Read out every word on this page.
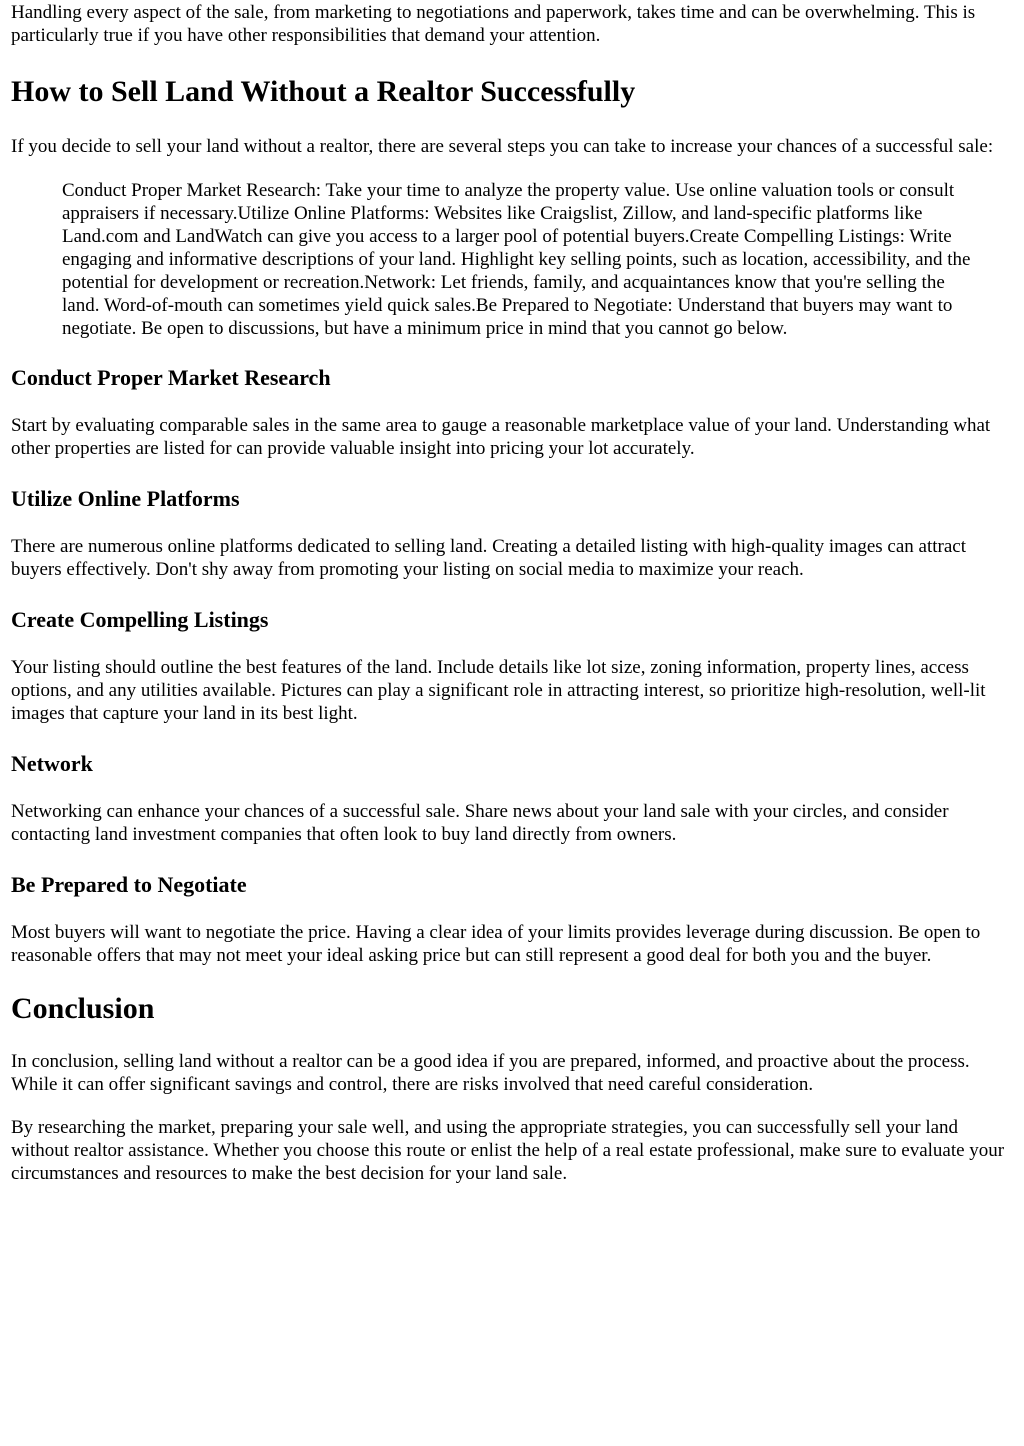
Handling every aspect of the sale, from marketing to negotiations and paperwork, takes time and can be overwhelming. This is particularly true if you have other responsibilities that demand your attention.

How to Sell Land Without a Realtor Successfully

If you decide to sell your land without a realtor, there are several steps you can take to increase your chances of a successful sale:

Conduct Proper Market Research: Take your time to analyze the property value. Use online valuation tools or consult appraisers if necessary.Utilize Online Platforms: Websites like Craigslist, Zillow, and land-specific platforms like Land.com and LandWatch can give you access to a larger pool of potential buyers.Create Compelling Listings: Write engaging and informative descriptions of your land. Highlight key selling points, such as location, accessibility, and the potential for development or recreation.Network: Let friends, family, and acquaintances know that you're selling the land. Word-of-mouth can sometimes yield quick sales.Be Prepared to Negotiate: Understand that buyers may want to negotiate. Be open to discussions, but have a minimum price in mind that you cannot go below.
Conduct Proper Market Research

Start by evaluating comparable sales in the same area to gauge a reasonable marketplace value of your land. Understanding what other properties are listed for can provide valuable insight into pricing your lot accurately.

Utilize Online Platforms

There are numerous online platforms dedicated to selling land. Creating a detailed listing with high-quality images can attract buyers effectively. Don't shy away from promoting your listing on social media to maximize your reach.

Create Compelling Listings

Your listing should outline the best features of the land. Include details like lot size, zoning information, property lines, access options, and any utilities available. Pictures can play a significant role in attracting interest, so prioritize high-resolution, well-lit images that capture your land in its best light.

Network

Networking can enhance your chances of a successful sale. Share news about your land sale with your circles, and consider contacting land investment companies that often look to buy land directly from owners.

Be Prepared to Negotiate

Most buyers will want to negotiate the price. Having a clear idea of your limits provides leverage during discussion. Be open to reasonable offers that may not meet your ideal asking price but can still represent a good deal for both you and the buyer.

Conclusion

In conclusion, selling land without a realtor can be a good idea if you are prepared, informed, and proactive about the process. While it can offer significant savings and control, there are risks involved that need careful consideration.

By researching the market, preparing your sale well, and using the appropriate strategies, you can successfully sell your land without realtor assistance. Whether you choose this route or enlist the help of a real estate professional, make sure to evaluate your circumstances and resources to make the best decision for your land sale.
